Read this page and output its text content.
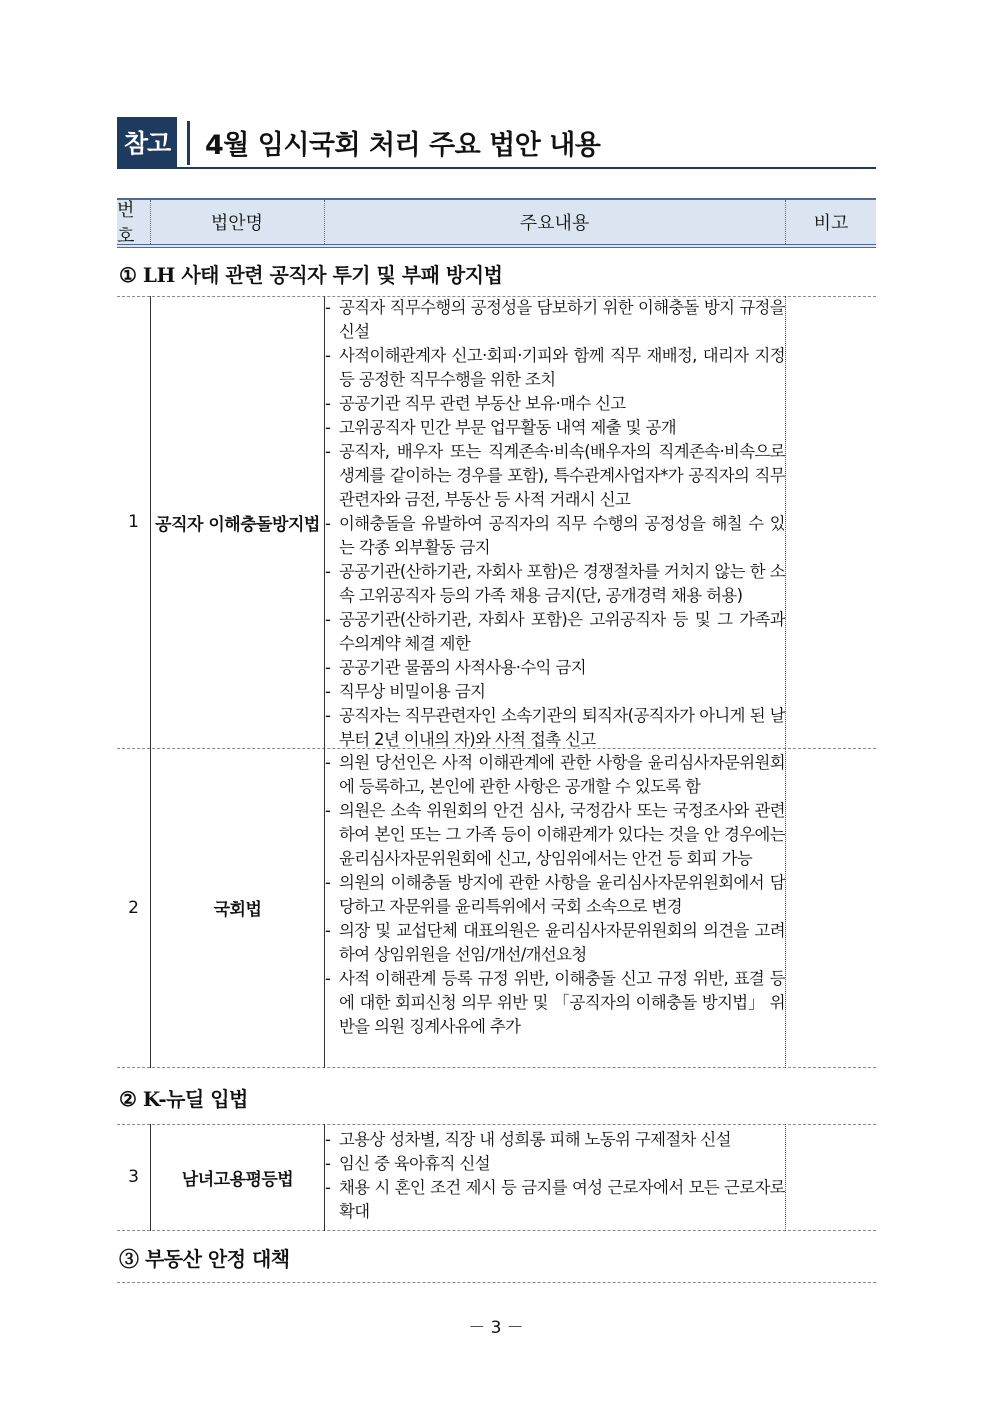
참고 4월 임시국회 처리 주요 법안 내용
번호
법안명	주요내용	비고
① LH 사태 관련 공직자 투기 및 부패 방지법
1 공직자 이해충돌방지법
- 공직자 직무수행의 공정성을 담보하기 위한 이해충돌 방지 규정을 신설
- 사적이해관계자 신고·회피·기피와 함께 직무 재배정, 대리자 지정 등 공정한 직무수행을 위한 조치
- 공공기관 직무 관련 부동산 보유·매수 신고
- 고위공직자 민간 부문 업무활동 내역 제출 및 공개
- 공직자, 배우자 또는 직계존속·비속(배우자의 직계존속·비속으로 생계를 같이하는 경우를 포함), 특수관계사업자*가 공직자의 직무관련자와 금전, 부동산 등 사적 거래시 신고
- 이해충돌을 유발하여 공직자의 직무 수행의 공정성을 해칠 수 있는 각종 외부활동 금지
- 공공기관(산하기관, 자회사 포함)은 경쟁절차를 거치지 않는 한 소속 고위공직자 등의 가족 채용 금지(단, 공개경력 채용 허용)
- 공공기관(산하기관, 자회사 포함)은 고위공직자 등 및 그 가족과 수의계약 체결 제한
- 공공기관 물품의 사적사용·수익 금지
- 직무상 비밀이용 금지
- 공직자는 직무관련자인 소속기관의 퇴직자(공직자가 아니게 된 날부터 2년 이내의 자)와 사적 접촉 신고
2	국회법
- 의원 당선인은 사적 이해관계에 관한 사항을 윤리심사자문위원회에 등록하고, 본인에 관한 사항은 공개할 수 있도록 함
- 의원은 소속 위원회의 안건 심사, 국정감사 또는 국정조사와 관련하여 본인 또는 그 가족 등이 이해관계가 있다는 것을 안 경우에는 윤리심사자문위원회에 신고, 상임위에서는 안건 등 회피 가능
- 의원의 이해충돌 방지에 관한 사항을 윤리심사자문위원회에서 담당하고 자문위를 윤리특위에서 국회 소속으로 변경
- 의장 및 교섭단체 대표의원은 윤리심사자문위원회의 의견을 고려하여 상임위원을 선임/개선/개선요청
- 사적 이해관계 등록 규정 위반, 이해충돌 신고 규정 위반, 표결 등에 대한 회피신청 의무 위반 및 「공직자의 이해충돌 방지법」 위반을 의원 징계사유에 추가
② K-뉴딜 입법
3	남녀고용평등법
- 고용상 성차별, 직장 내 성희롱 피해 노동위 구제절차 신설
- 임신 중 육아휴직 신설
- 채용 시 혼인 조건 제시 등 금지를 여성 근로자에서 모든 근로자로 확대
③ 부동산 안정 대책
－ 3 －
